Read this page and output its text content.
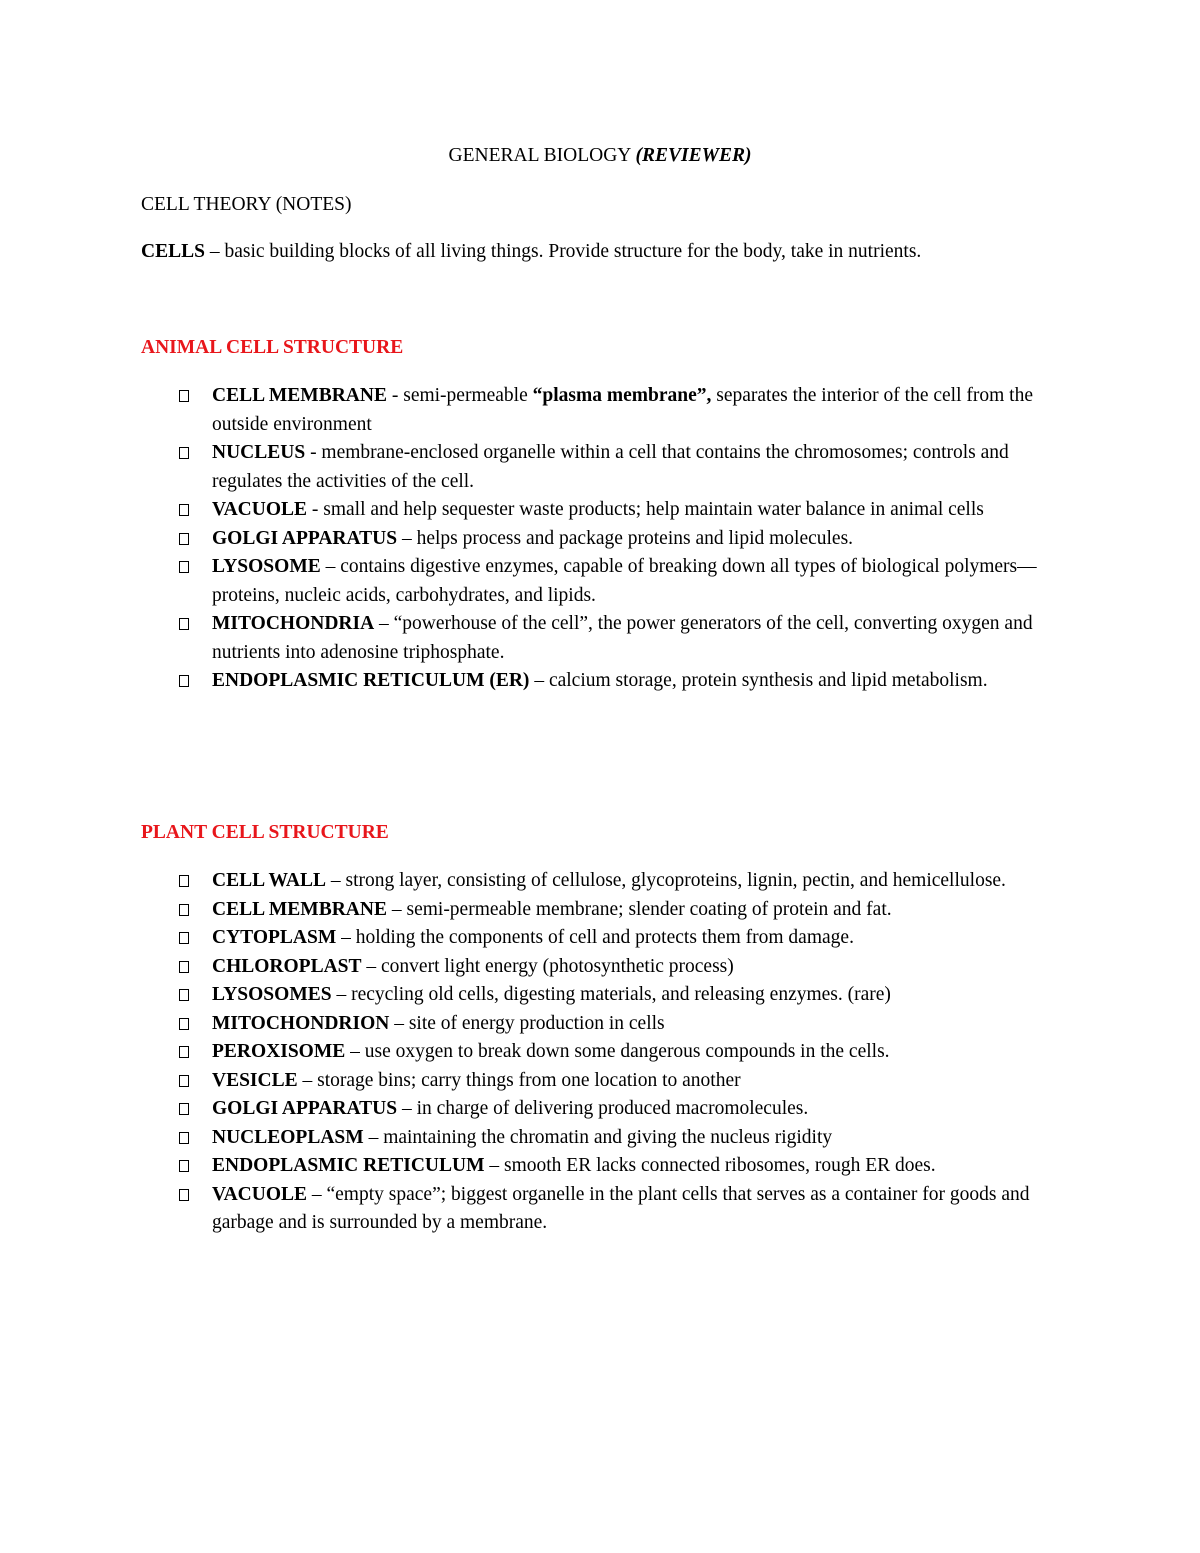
GENERAL BIOLOGY (REVIEWER)
CELL THEORY (NOTES)
CELLS – basic building blocks of all living things. Provide structure for the body, take in nutrients.
ANIMAL CELL STRUCTURE
CELL MEMBRANE - semi-permeable “plasma membrane”, separates the interior of the cell from the outside environment
NUCLEUS - membrane-enclosed organelle within a cell that contains the chromosomes; controls and regulates the activities of the cell.
VACUOLE - small and help sequester waste products; help maintain water balance in animal cells
GOLGI APPARATUS – helps process and package proteins and lipid molecules.
LYSOSOME – contains digestive enzymes, capable of breaking down all types of biological polymers—proteins, nucleic acids, carbohydrates, and lipids.
MITOCHONDRIA – “powerhouse of the cell”, the power generators of the cell, converting oxygen and nutrients into adenosine triphosphate.
ENDOPLASMIC RETICULUM (ER) – calcium storage, protein synthesis and lipid metabolism.
PLANT CELL STRUCTURE
CELL WALL – strong layer, consisting of cellulose, glycoproteins, lignin, pectin, and hemicellulose.
CELL MEMBRANE – semi-permeable membrane; slender coating of protein and fat.
CYTOPLASM – holding the components of cell and protects them from damage.
CHLOROPLAST – convert light energy (photosynthetic process)
LYSOSOMES – recycling old cells, digesting materials, and releasing enzymes. (rare)
MITOCHONDRION – site of energy production in cells
PEROXISOME – use oxygen to break down some dangerous compounds in the cells.
VESICLE – storage bins; carry things from one location to another
GOLGI APPARATUS – in charge of delivering produced macromolecules.
NUCLEOPLASM – maintaining the chromatin and giving the nucleus rigidity
ENDOPLASMIC RETICULUM – smooth ER lacks connected ribosomes, rough ER does.
VACUOLE – “empty space”; biggest organelle in the plant cells that serves as a container for goods and garbage and is surrounded by a membrane.
